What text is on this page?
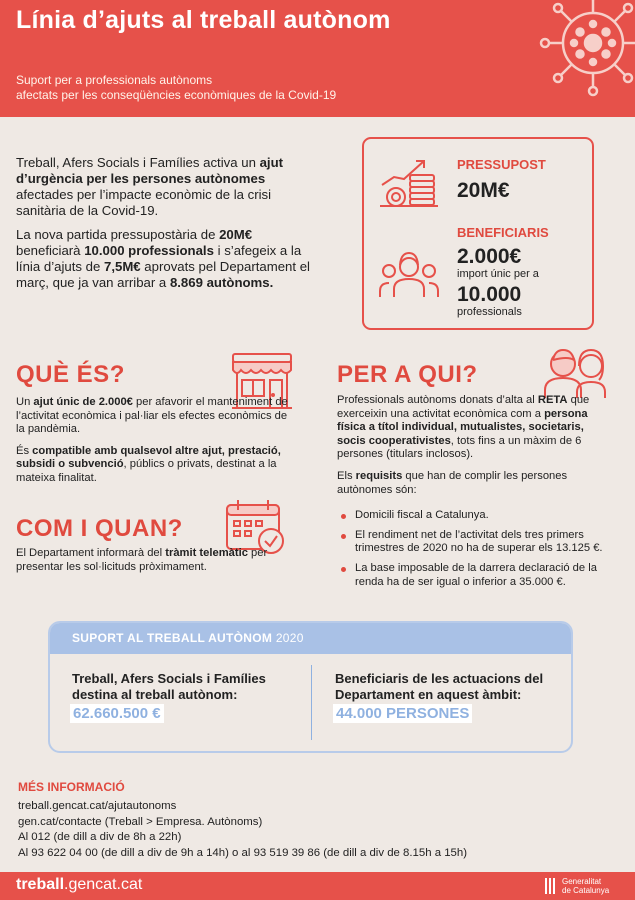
Línia d’ajuts al treball autònom
Suport per a professionals autònoms
afectats per les conseqüències econòmiques de la Covid-19

Treball, Afers Socials i Famílies activa un ajut d’urgència per les persones autònomes afectades per l’impacte econòmic de la crisi sanitària de la Covid-19.

La nova partida pressupostària de 20M€ beneficiarà 10.000 professionals i s’afegeix a la línia d’ajuts de 7,5M€ aprovats pel Departament el març, que ja van arribar a 8.869 autònoms.

PRESSUPOST
20M€
BENEFICIARIS
2.000€
import únic per a
10.000
professionals
QUÈ ÉS?

Un ajut únic de 2.000€ per afavorir el manteniment de l’activitat econòmica i pal·liar els efectes econòmics de la pandèmia.

És compatible amb qualsevol altre ajut, prestació, subsidi o subvenció, públics o privats, destinat a la mateixa finalitat.

COM I QUAN?

El Departament informarà del tràmit telemàtic per presentar les sol·licituds pròximament.

PER A QUI?

Professionals autònoms donats d’alta al RETA que exerceixin una activitat econòmica com a persona física a títol individual, mutualistes, societaris, socis cooperativistes, tots fins a un màxim de 6 persones (titulars inclosos).

Els requisits que han de complir les persones autònomes són:

Domicili fiscal a Catalunya.
El rendiment net de l’activitat dels tres primers trimestres de 2020 no ha de superar els 13.125 €.
La base imposable de la darrera declaració de la renda ha de ser igual o inferior a 35.000 €.
SUPORT AL TREBALL AUTÒNOM 2020
Treball, Afers Socials i Famílies destina al treball autònom:
62.660.500 €
Beneficiaris de les actuacions del Departament en aquest àmbit:
44.000 PERSONES
MÉS INFORMACIÓ
treball.gencat.cat/ajutautonoms
gen.cat/contacte (Treball > Empresa. Autònoms)
Al 012 (de dill a div de 8h a 22h)
Al 93 622 04 00 (de dill a div de 9h a 14h) o al 93 519 39 86 (de dill a div de 8.15h a 15h)
treball.gencat.cat	Generalitat
de Catalunya
